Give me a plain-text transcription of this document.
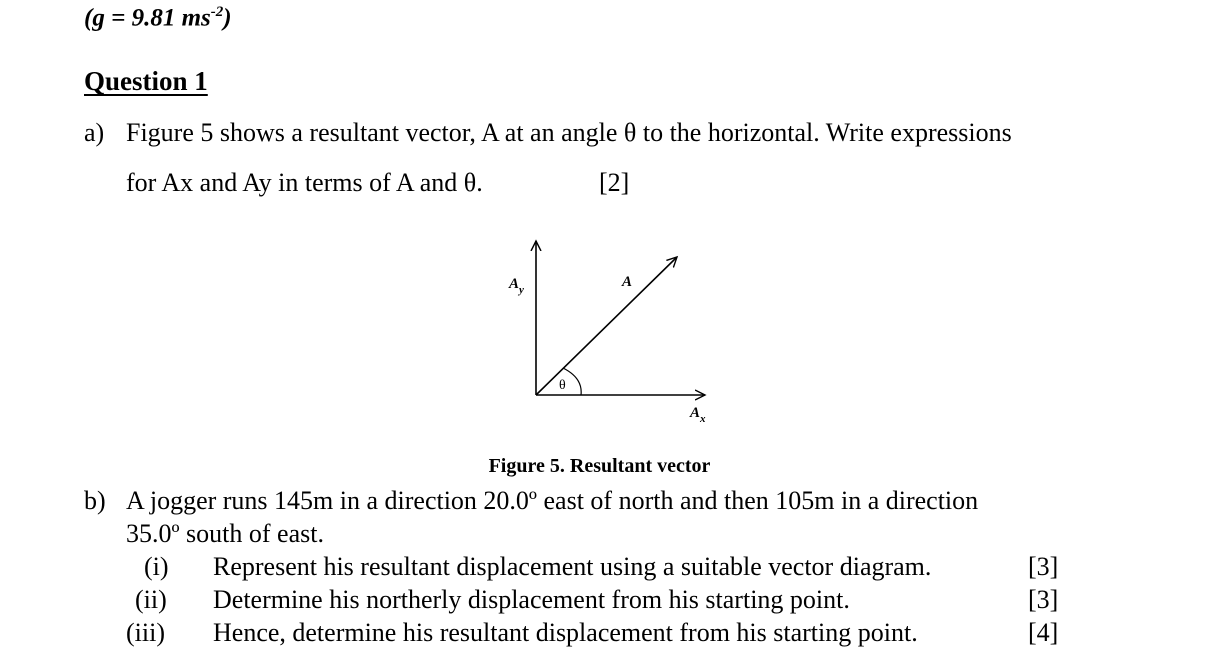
(g = 9.81 $ms^{-2}$)
Question 1
a) Figure 5 shows a resultant vector, A at an angle θ to the horizontal. Write expressions
for Ax and Ay in terms of A and θ.	[2]
$A_y$	A
θ
$A_x$
Figure 5. Resultant vector
b) A jogger runs 145m in a direction 20.0º east of north and then 105m in a direction
35.0º south of east.
(i) Represent his resultant displacement using a suitable vector diagram.	[3]
(ii) Determine his northerly displacement from his starting point.	[3]
(iii) Hence, determine his resultant displacement from his starting point.	[4]
